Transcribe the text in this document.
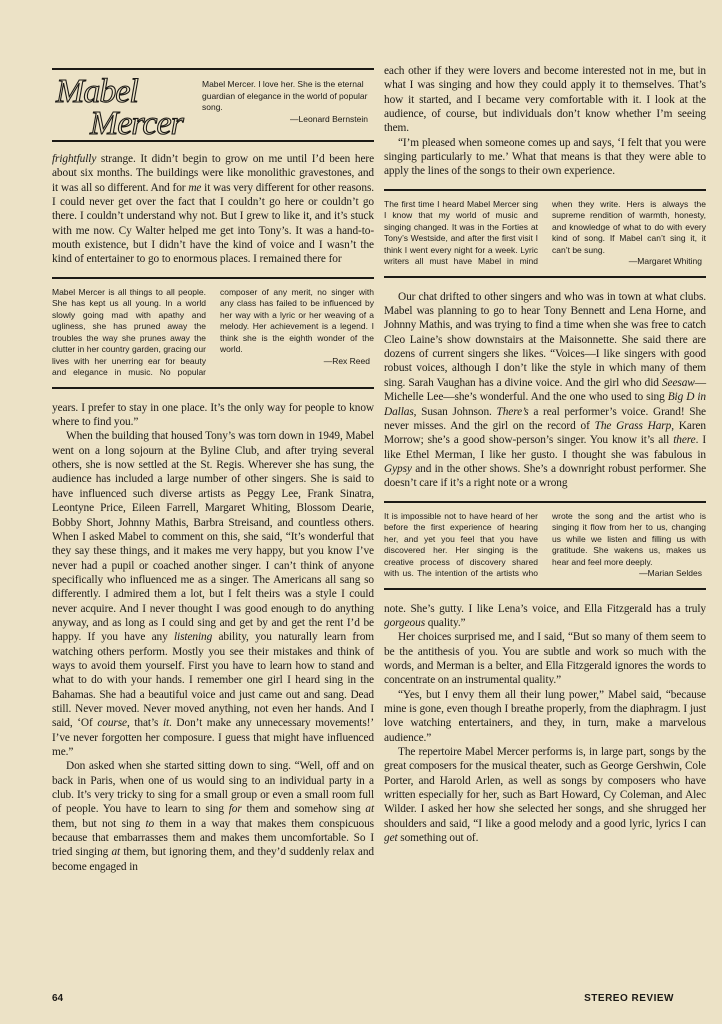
Mabel
Mercer

Mabel Mercer. I love her. She is the eternal guardian of elegance in the world of popular song.

—Leonard Bernstein

frightfully strange. It didn’t begin to grow on me until I’d been here about six months. The buildings were like monolithic gravestones, and it was all so different. And for me it was very different for other reasons. I could never get over the fact that I couldn’t go here or couldn’t go there. I couldn’t understand why not. But I grew to like it, and it’s stuck with me now. Cy Walter helped me get into Tony’s. It was a hand-to-mouth existence, but I didn’t have the kind of voice and I wasn’t the kind of entertainer to go to enormous places. I remained there for

Mabel Mercer is all things to all people. She has kept us all young. In a world slowly going mad with apathy and ugliness, she has pruned away the troubles the way she prunes away the clutter in her country garden, gracing our lives with her unerring ear for beauty and elegance in music. No popular composer of any merit, no singer with any class has failed to be influenced by her way with a lyric or her weaving of a melody. Her achievement is a legend. I think she is the eighth wonder of the world.

—Rex Reed

years. I prefer to stay in one place. It’s the only way for people to know where to find you.”

When the building that housed Tony’s was torn down in 1949, Mabel went on a long sojourn at the Byline Club, and after trying several others, she is now settled at the St. Regis. Wherever she has sung, the audience has included a large number of other singers. She is said to have influenced such diverse artists as Peggy Lee, Frank Sinatra, Leontyne Price, Eileen Farrell, Margaret Whiting, Blossom Dearie, Bobby Short, Johnny Mathis, Barbra Streisand, and countless others. When I asked Mabel to comment on this, she said, “It’s wonderful that they say these things, and it makes me very happy, but you know I’ve never had a pupil or coached another singer. I can’t think of anyone specifically who influenced me as a singer. The Americans all sang so differently. I admired them a lot, but I felt theirs was a style I could never acquire. And I never thought I was good enough to do anything anyway, and as long as I could sing and get by and get the rent I’d be happy. If you have any listening ability, you naturally learn from watching others perform. Mostly you see their mistakes and think of ways to avoid them yourself. First you have to learn how to stand and what to do with your hands. I remember one girl I heard sing in the Bahamas. She had a beautiful voice and just came out and sang. Dead still. Never moved. Never moved anything, not even her hands. And I said, ‘Of course, that’s it. Don’t make any unnecessary movements!’ I’ve never forgotten her composure. I guess that might have influenced me.”

Don asked when she started sitting down to sing. “Well, off and on back in Paris, when one of us would sing to an individual party in a club. It’s very tricky to sing for a small group or even a small room full of people. You have to learn to sing for them and somehow sing at them, but not sing to them in a way that makes them conspicuous because that embarrasses them and makes them uncomfortable. So I tried singing at them, but ignoring them, and they’d suddenly relax and become engaged in

each other if they were lovers and become interested not in me, but in what I was singing and how they could apply it to themselves. That’s how it started, and I became very comfortable with it. I look at the audience, of course, but individuals don’t know whether I’m seeing them.

“I’m pleased when someone comes up and says, ‘I felt that you were singing particularly to me.’ What that means is that they were able to apply the lines of the songs to their own experience.

The first time I heard Mabel Mercer sing I know that my world of music and singing changed. It was in the Forties at Tony’s Westside, and after the first visit I think I went every night for a week. Lyric writers all must have Mabel in mind when they write. Hers is always the supreme rendition of warmth, honesty, and knowledge of what to do with every kind of song. If Mabel can’t sing it, it can’t be sung.

—Margaret Whiting

Our chat drifted to other singers and who was in town at what clubs. Mabel was planning to go to hear Tony Bennett and Lena Horne, and Johnny Mathis, and was trying to find a time when she was free to catch Cleo Laine’s show downstairs at the Maisonnette. She said there are dozens of current singers she likes. “Voices—I like singers with good robust voices, although I don’t like the style in which many of them sing. Sarah Vaughan has a divine voice. And the girl who did Seesaw—Michelle Lee—she’s wonderful. And the one who used to sing Big D in Dallas, Susan Johnson. There’s a real performer’s voice. Grand! She never misses. And the girl on the record of The Grass Harp, Karen Morrow; she’s a good show-person’s singer. You know it’s all there. I like Ethel Merman, I like her gusto. I thought she was fabulous in Gypsy and in the other shows. She’s a downright robust performer. She doesn’t care if it’s a right note or a wrong

It is impossible not to have heard of her before the first experience of hearing her, and yet you feel that you have discovered her. Her singing is the creative process of discovery shared with us. The intention of the artists who wrote the song and the artist who is singing it flow from her to us, changing us while we listen and filling us with gratitude. She wakens us, makes us hear and feel more deeply.

—Marian Seldes

note. She’s gutty. I like Lena’s voice, and Ella Fitzgerald has a truly gorgeous quality.”

Her choices surprised me, and I said, “But so many of them seem to be the antithesis of you. You are subtle and work so much with the words, and Merman is a belter, and Ella Fitzgerald ignores the words to concentrate on an instrumental quality.”

“Yes, but I envy them all their lung power,” Mabel said, “because mine is gone, even though I breathe properly, from the diaphragm. I just love watching entertainers, and they, in turn, make a marvelous audience.”

The repertoire Mabel Mercer performs is, in large part, songs by the great composers for the musical theater, such as George Gershwin, Cole Porter, and Harold Arlen, as well as songs by composers who have written especially for her, such as Bart Howard, Cy Coleman, and Alec Wilder. I asked her how she selected her songs, and she shrugged her shoulders and said, “I like a good melody and a good lyric, lyrics I can get something out of.

64	STEREO REVIEW
